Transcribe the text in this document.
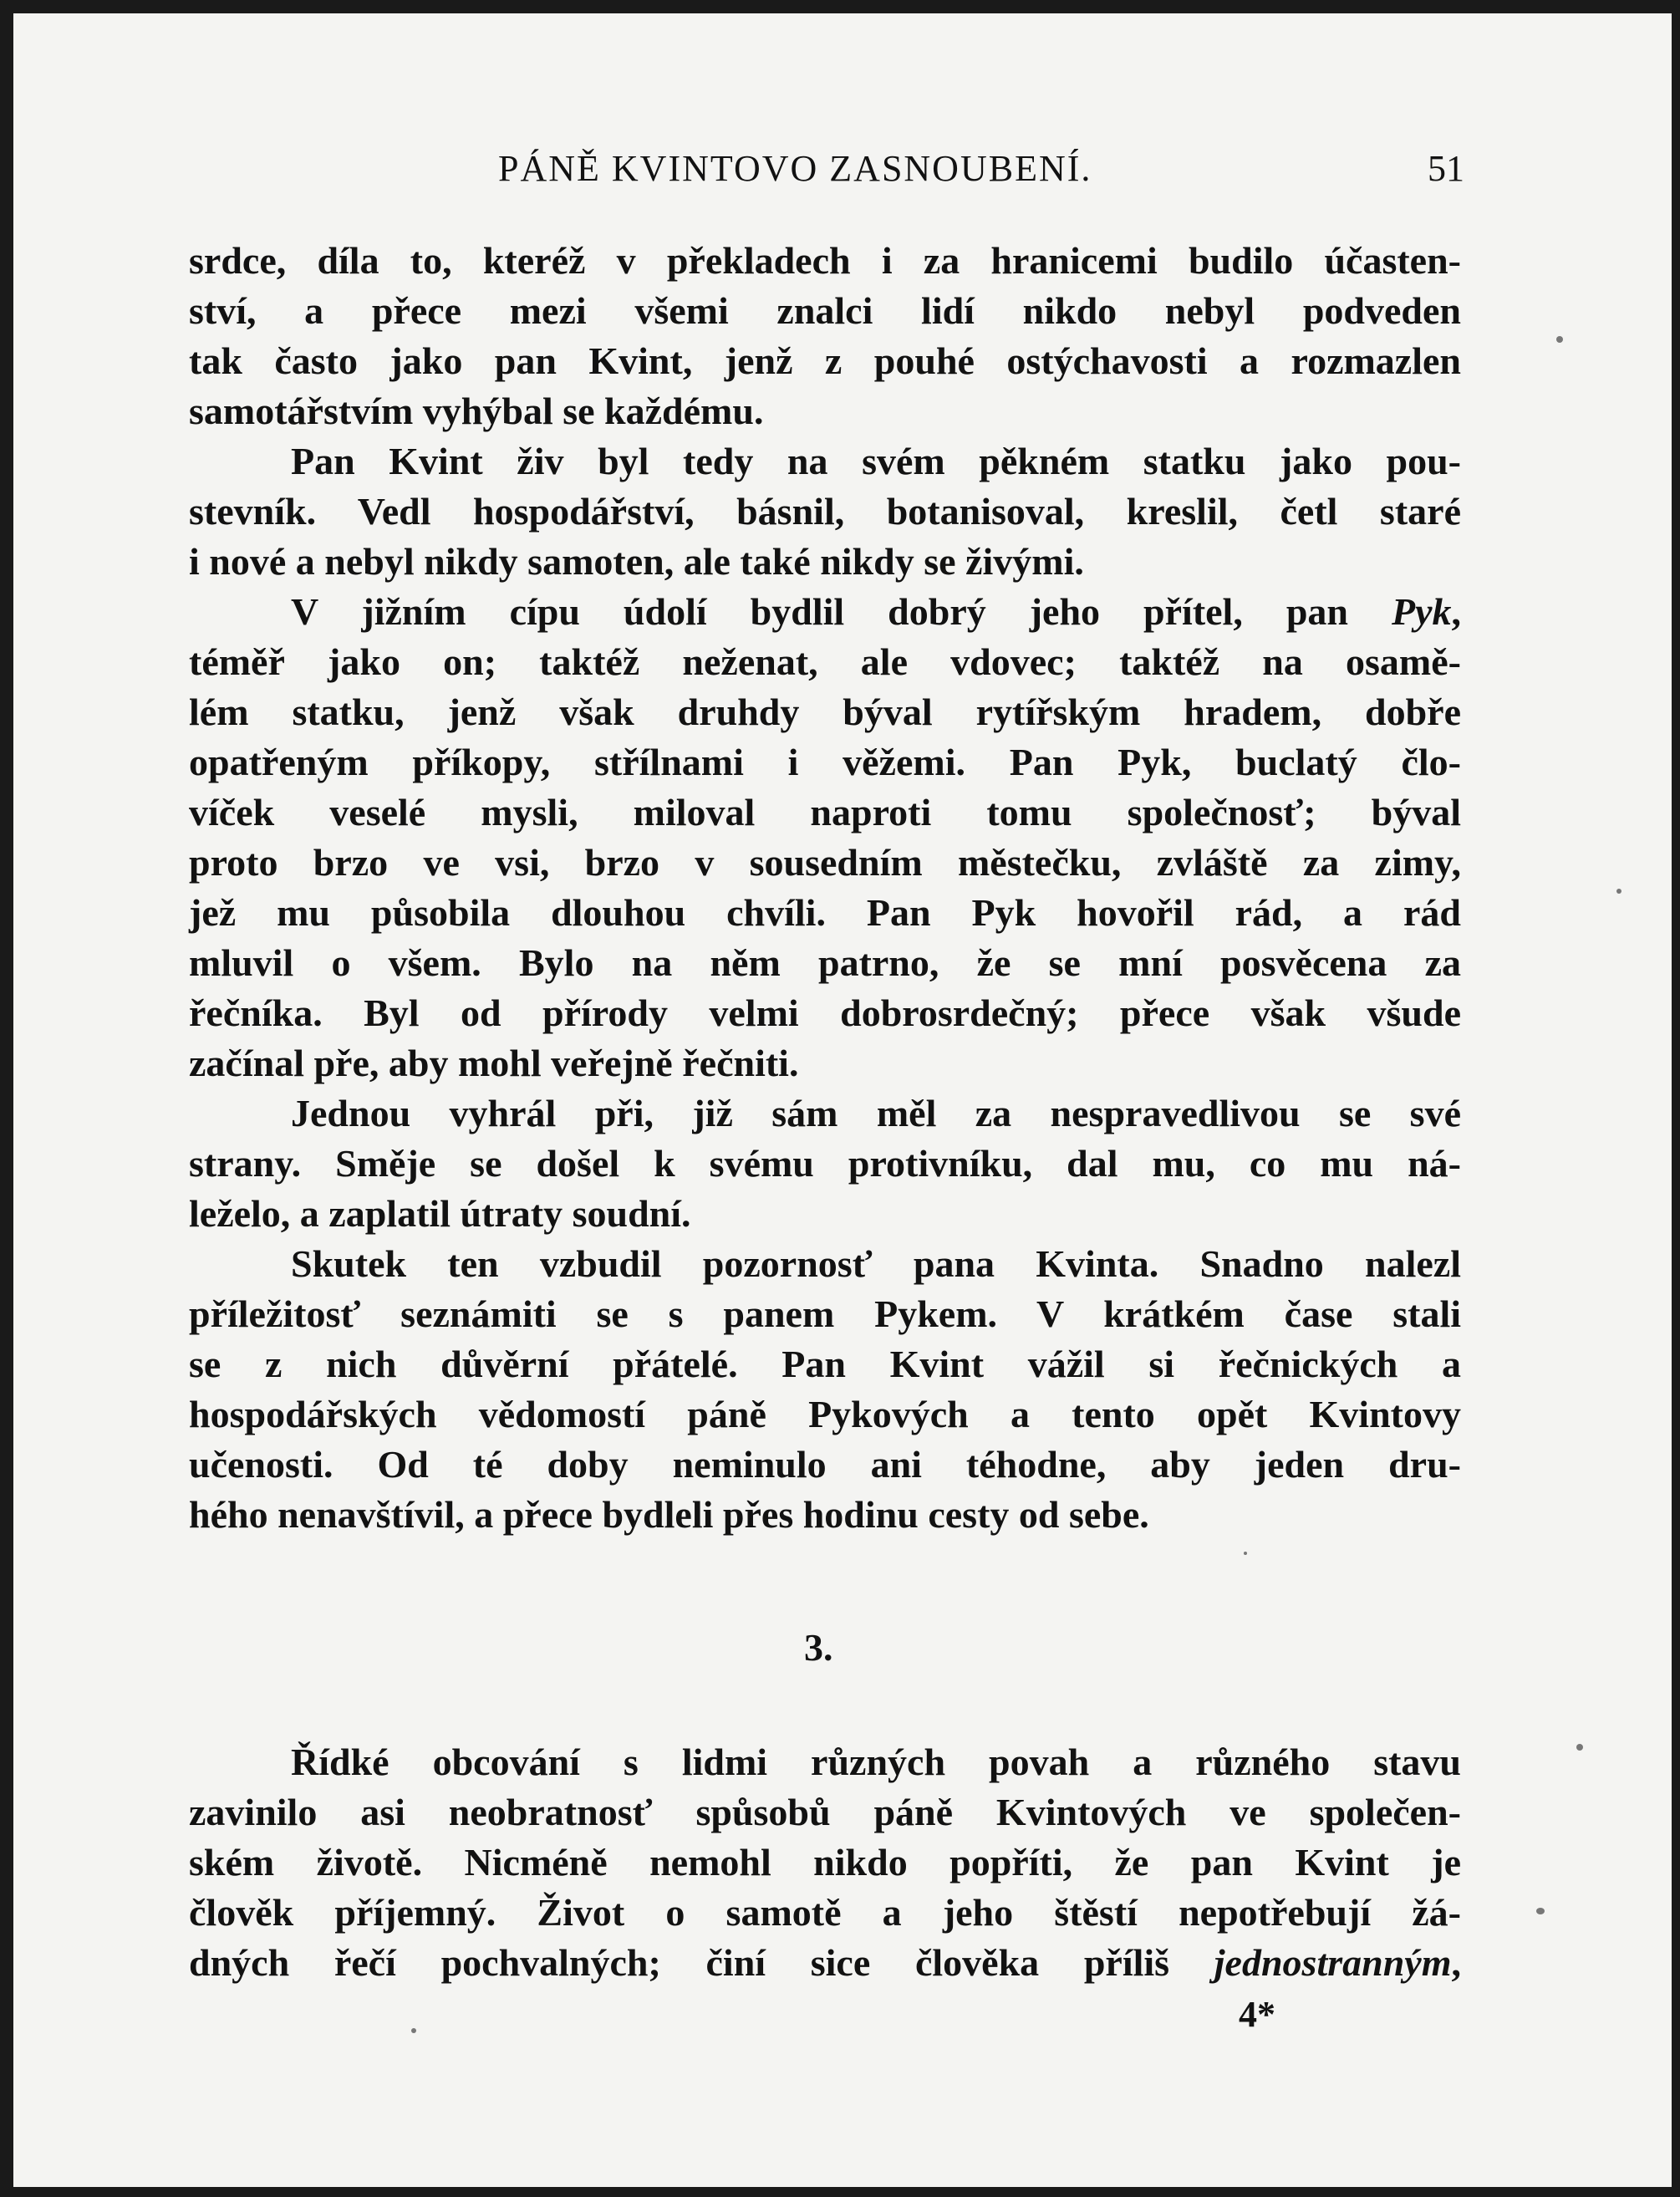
PÁNĚ KVINTOVO ZASNOUBENÍ.	51

srdce, díla to, kteréž v překladech i za hranicemi budilo účasten-
ství, a přece mezi všemi znalci lidí nikdo nebyl podveden
tak často jako pan Kvint, jenž z pouhé ostýchavosti a rozmazlen
samotářstvím vyhýbal se každému.

Pan Kvint živ byl tedy na svém pěkném statku jako pou-
stevník. Vedl hospodářství, básnil, botanisoval, kreslil, četl staré
i nové a nebyl nikdy samoten, ale také nikdy se živými.

V jižním cípu údolí bydlil dobrý jeho přítel, pan Pyk,
téměř jako on; taktéž neženat, ale vdovec; taktéž na osamě-
lém statku, jenž však druhdy býval rytířským hradem, dobře
opatřeným příkopy, střílnami i věžemi. Pan Pyk, buclatý člo-
víček veselé mysli, miloval naproti tomu společnosť; býval
proto brzo ve vsi, brzo v sousedním městečku, zvláště za zimy,
jež mu působila dlouhou chvíli. Pan Pyk hovořil rád, a rád
mluvil o všem. Bylo na něm patrno, že se mní posvěcena za
řečníka. Byl od přírody velmi dobrosrdečný; přece však všude
začínal pře, aby mohl veřejně řečniti.

Jednou vyhrál při, již sám měl za nespravedlivou se své
strany. Směje se došel k svému protivníku, dal mu, co mu ná-
leželo, a zaplatil útraty soudní.

Skutek ten vzbudil pozornosť pana Kvinta. Snadno nalezl
příležitosť seznámiti se s panem Pykem. V krátkém čase stali
se z nich důvěrní přátelé. Pan Kvint vážil si řečnických a
hospodářských vědomostí páně Pykových a tento opět Kvintovy
učenosti. Od té doby neminulo ani téhodne, aby jeden dru-
hého nenavštívil, a přece bydleli přes hodinu cesty od sebe.

3.

Řídké obcování s lidmi různých povah a různého stavu
zavinilo asi neobratnosť spůsobů páně Kvintových ve společen-
ském životě. Nicméně nemohl nikdo popříti, že pan Kvint je
člověk příjemný. Život o samotě a jeho štěstí nepotřebují žá-
dných řečí pochvalných; činí sice člověka příliš jednostranným,

4*
